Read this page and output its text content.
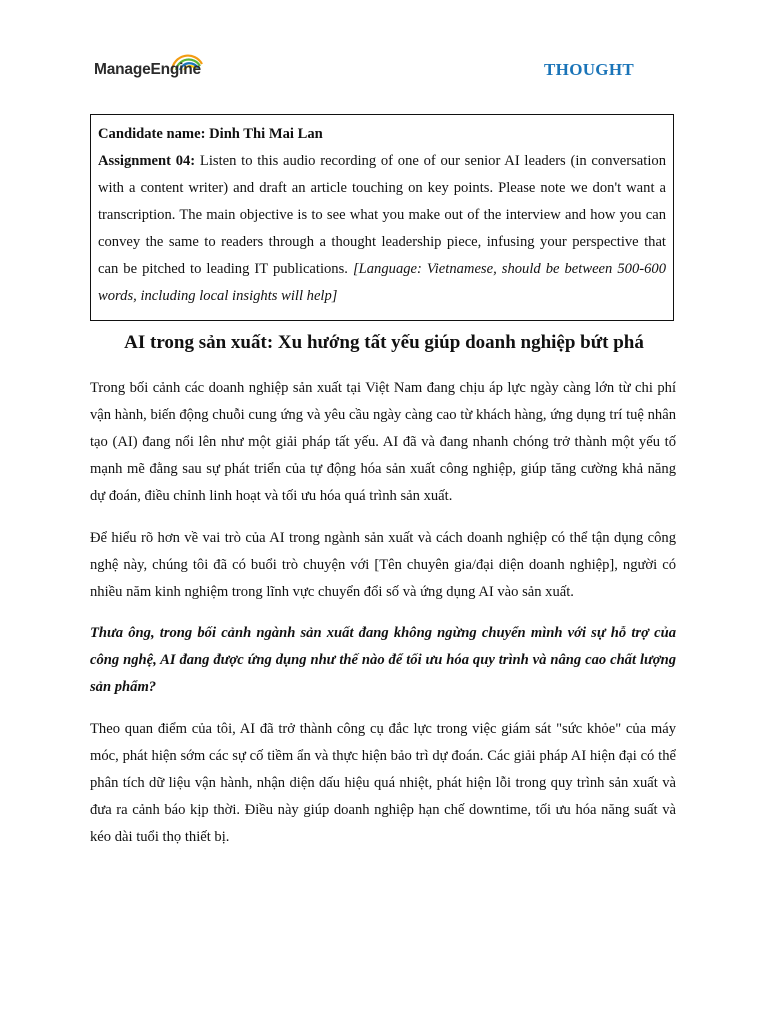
ManageEngine	THOUGHT
Candidate name: Dinh Thi Mai Lan
Assignment 04: Listen to this audio recording of one of our senior AI leaders (in conversation with a content writer) and draft an article touching on key points. Please note we don't want a transcription. The main objective is to see what you make out of the interview and how you can convey the same to readers through a thought leadership piece, infusing your perspective that can be pitched to leading IT publications. [Language: Vietnamese, should be between 500-600 words, including local insights will help]
AI trong sản xuất: Xu hướng tất yếu giúp doanh nghiệp bứt phá

Trong bối cảnh các doanh nghiệp sản xuất tại Việt Nam đang chịu áp lực ngày càng lớn từ chi phí vận hành, biến động chuỗi cung ứng và yêu cầu ngày càng cao từ khách hàng, ứng dụng trí tuệ nhân tạo (AI) đang nổi lên như một giải pháp tất yếu. AI đã và đang nhanh chóng trở thành một yếu tố mạnh mẽ đằng sau sự phát triển của tự động hóa sản xuất công nghiệp, giúp tăng cường khả năng dự đoán, điều chỉnh linh hoạt và tối ưu hóa quá trình sản xuất.

Để hiểu rõ hơn về vai trò của AI trong ngành sản xuất và cách doanh nghiệp có thể tận dụng công nghệ này, chúng tôi đã có buổi trò chuyện với [Tên chuyên gia/đại diện doanh nghiệp], người có nhiều năm kinh nghiệm trong lĩnh vực chuyển đổi số và ứng dụng AI vào sản xuất.

Thưa ông, trong bối cảnh ngành sản xuất đang không ngừng chuyển mình với sự hỗ trợ của công nghệ, AI đang được ứng dụng như thế nào để tối ưu hóa quy trình và nâng cao chất lượng sản phẩm?

Theo quan điểm của tôi, AI đã trở thành công cụ đắc lực trong việc giám sát "sức khỏe" của máy móc, phát hiện sớm các sự cố tiềm ẩn và thực hiện bảo trì dự đoán. Các giải pháp AI hiện đại có thể phân tích dữ liệu vận hành, nhận diện dấu hiệu quá nhiệt, phát hiện lỗi trong quy trình sản xuất và đưa ra cảnh báo kịp thời. Điều này giúp doanh nghiệp hạn chế downtime, tối ưu hóa năng suất và kéo dài tuổi thọ thiết bị.
